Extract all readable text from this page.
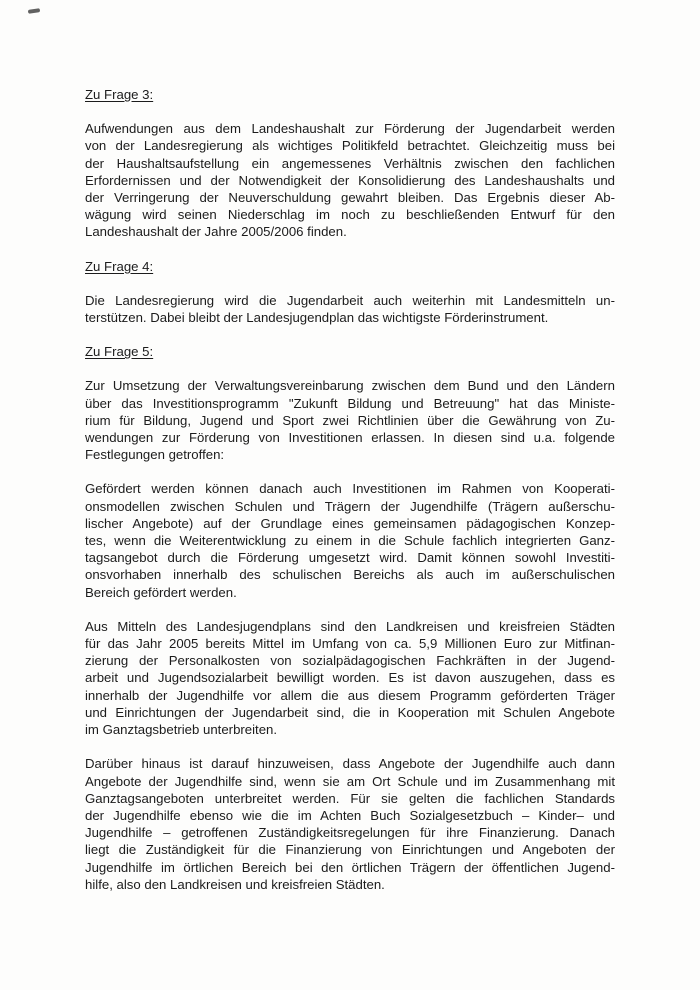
Zu Frage 3:
Aufwendungen aus dem Landeshaushalt zur Förderung der Jugendarbeit werden
von der Landesregierung als wichtiges Politikfeld betrachtet. Gleichzeitig muss bei
der Haushaltsaufstellung ein angemessenes Verhältnis zwischen den fachlichen
Erfordernissen und der Notwendigkeit der Konsolidierung des Landeshaushalts und
der Verringerung der Neuverschuldung gewahrt bleiben. Das Ergebnis dieser Ab-
wägung wird seinen Niederschlag im noch zu beschließenden Entwurf für den
Landeshaushalt der Jahre 2005/2006 finden.
Zu Frage 4:
Die Landesregierung wird die Jugendarbeit auch weiterhin mit Landesmitteln un-
terstützen. Dabei bleibt der Landesjugendplan das wichtigste Förderinstrument.
Zu Frage 5:
Zur Umsetzung der Verwaltungsvereinbarung zwischen dem Bund und den Ländern
über das Investitionsprogramm "Zukunft Bildung und Betreuung" hat das Ministe-
rium für Bildung, Jugend und Sport zwei Richtlinien über die Gewährung von Zu-
wendungen zur Förderung von Investitionen erlassen. In diesen sind u.a. folgende
Festlegungen getroffen:
Gefördert werden können danach auch Investitionen im Rahmen von Kooperati-
onsmodellen zwischen Schulen und Trägern der Jugendhilfe (Trägern außerschu-
lischer Angebote) auf der Grundlage eines gemeinsamen pädagogischen Konzep-
tes, wenn die Weiterentwicklung zu einem in die Schule fachlich integrierten Ganz-
tagsangebot durch die Förderung umgesetzt wird. Damit können sowohl Investiti-
onsvorhaben innerhalb des schulischen Bereichs als auch im außerschulischen
Bereich gefördert werden.
Aus Mitteln des Landesjugendplans sind den Landkreisen und kreisfreien Städten
für das Jahr 2005 bereits Mittel im Umfang von ca. 5,9 Millionen Euro zur Mitfinan-
zierung der Personalkosten von sozialpädagogischen Fachkräften in der Jugend-
arbeit und Jugendsozialarbeit bewilligt worden. Es ist davon auszugehen, dass es
innerhalb der Jugendhilfe vor allem die aus diesem Programm geförderten Träger
und Einrichtungen der Jugendarbeit sind, die in Kooperation mit Schulen Angebote
im Ganztagsbetrieb unterbreiten.
Darüber hinaus ist darauf hinzuweisen, dass Angebote der Jugendhilfe auch dann
Angebote der Jugendhilfe sind, wenn sie am Ort Schule und im Zusammenhang mit
Ganztagsangeboten unterbreitet werden. Für sie gelten die fachlichen Standards
der Jugendhilfe ebenso wie die im Achten Buch Sozialgesetzbuch – Kinder– und
Jugendhilfe – getroffenen Zuständigkeitsregelungen für ihre Finanzierung. Danach
liegt die Zuständigkeit für die Finanzierung von Einrichtungen und Angeboten der
Jugendhilfe im örtlichen Bereich bei den örtlichen Trägern der öffentlichen Jugend-
hilfe, also den Landkreisen und kreisfreien Städten.
